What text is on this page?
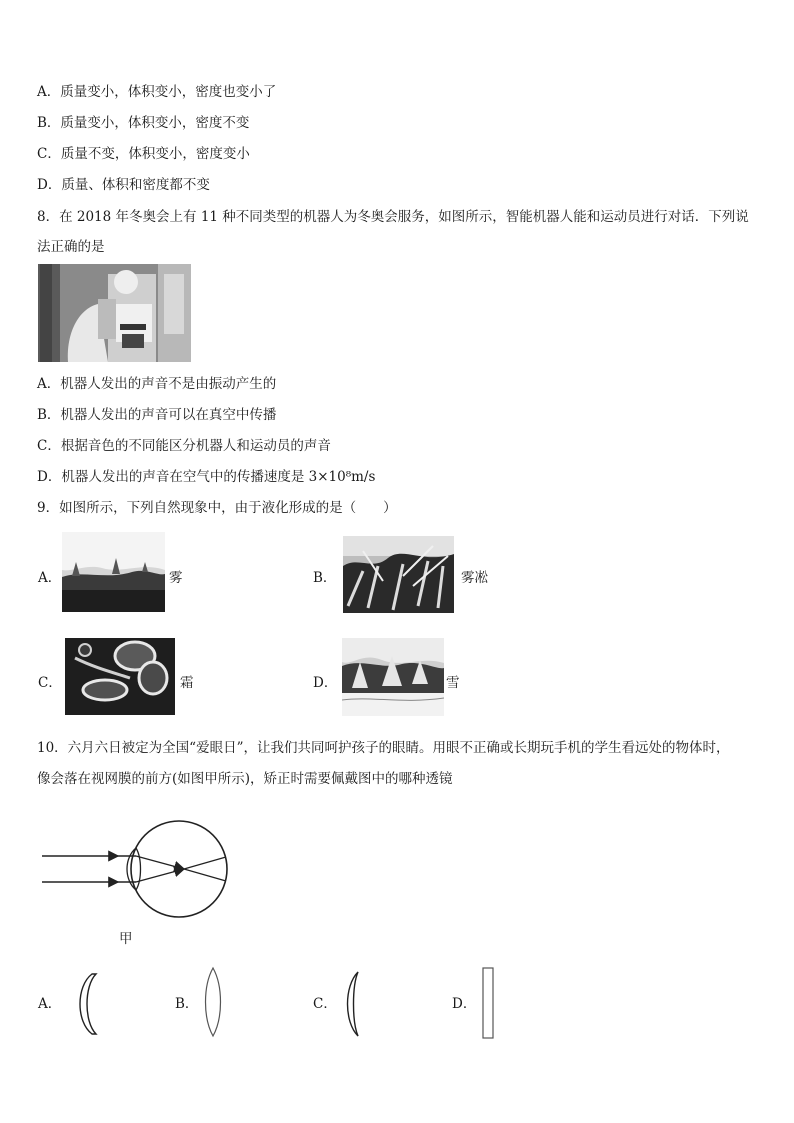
A．质量变小，体积变小，密度也变小了
B．质量变小，体积变小，密度不变
C．质量不变，体积变小，密度变小
D．质量、体积和密度都不变
8．在 2018 年冬奥会上有 11 种不同类型的机器人为冬奥会服务，如图所示，智能机器人能和运动员进行对话．下列说
法正确的是
A．机器人发出的声音不是由振动产生的
B．机器人发出的声音可以在真空中传播
C．根据音色的不同能区分机器人和运动员的声音
D．机器人发出的声音在空气中的传播速度是 3×10⁸m/s
9．如图所示，下列自然现象中，由于液化形成的是（　　）
A．	雾	B．	雾凇
C．	霜	D．	雪
10．六月六日被定为全国“爱眼日”，让我们共同呵护孩子的眼睛。用眼不正确或长期玩手机的学生看远处的物体时，
像会落在视网膜的前方(如图甲所示)，矫正时需要佩戴图中的哪种透镜
甲
A．	B．	C．	D．
